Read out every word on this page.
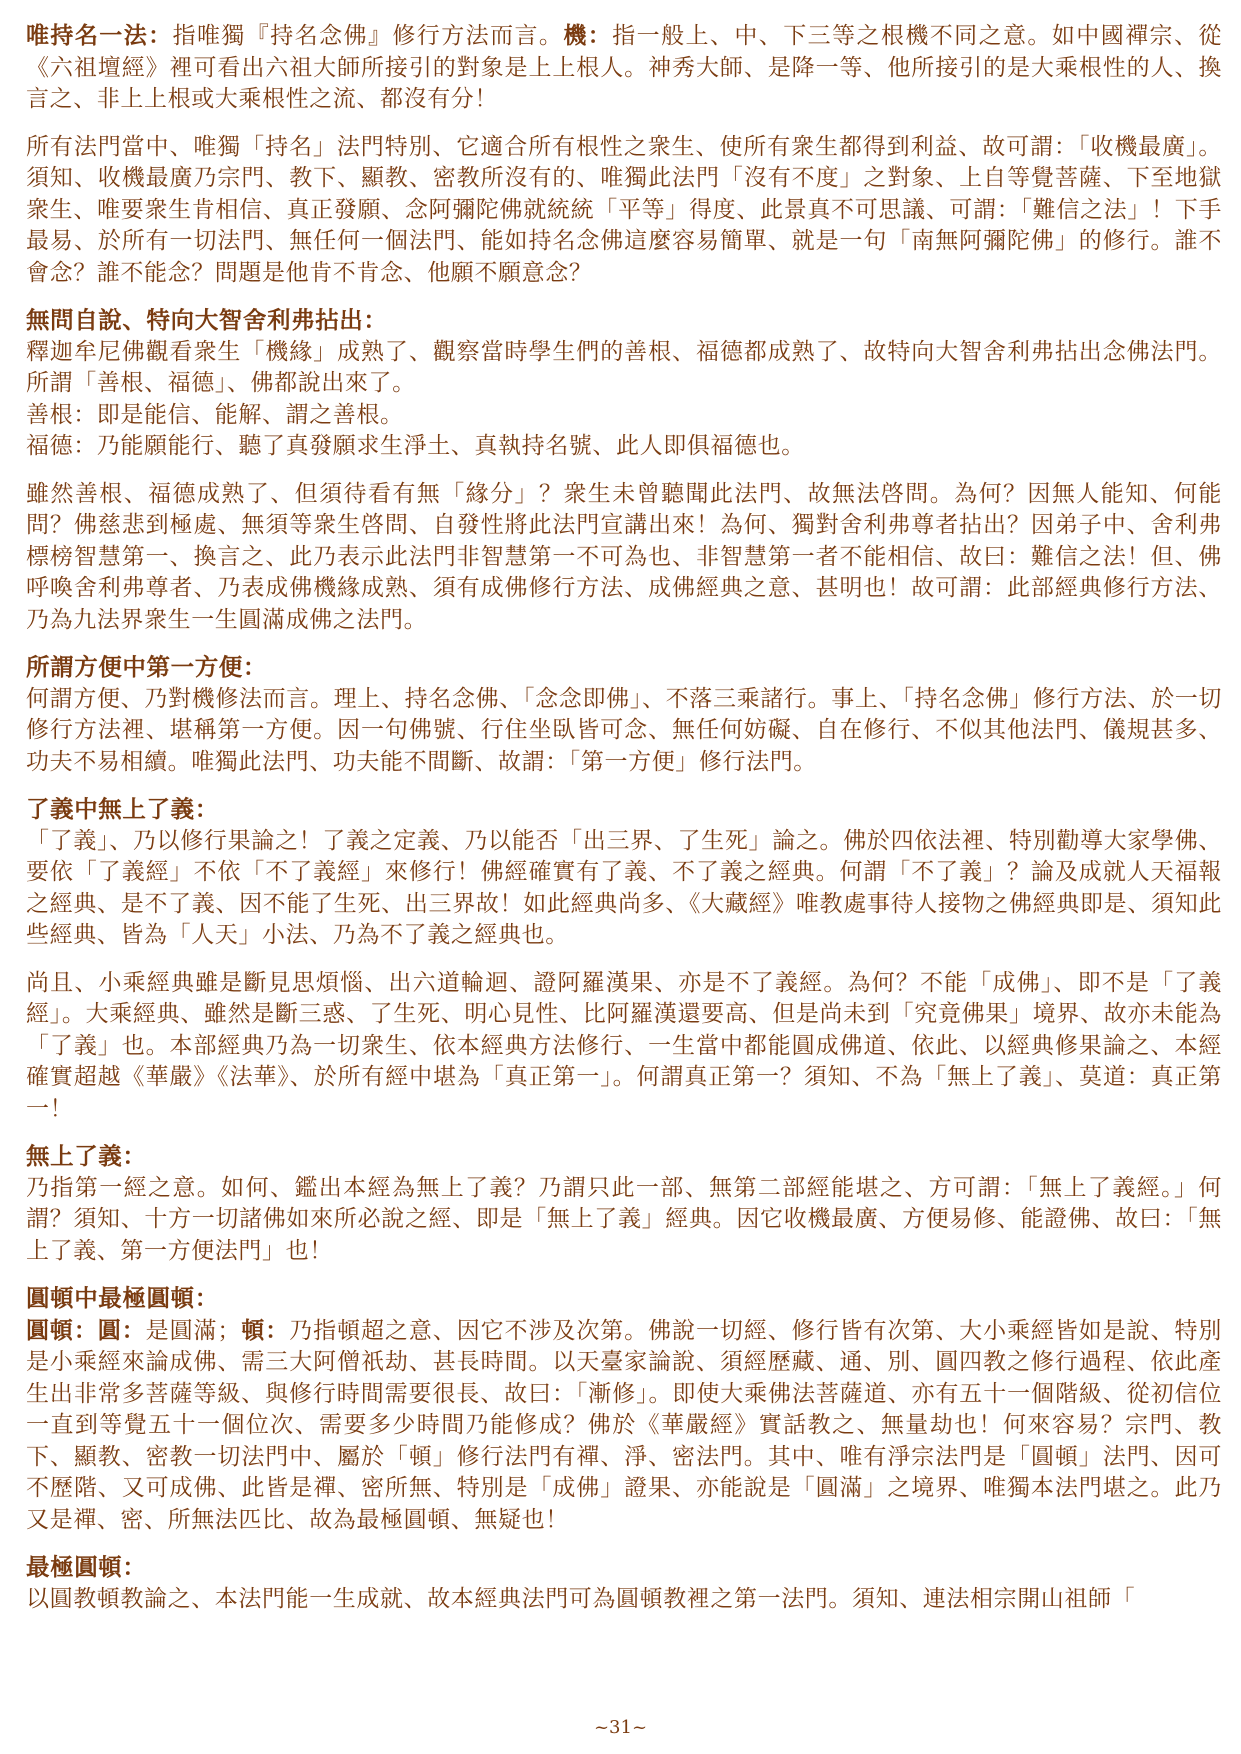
唯持名一法：指唯獨『持名念佛』修行方法而言。機：指一般上、中、下三等之根機不同之意。如中國禪宗、從《六祖壇經》裡可看出六祖大師所接引的對象是上上根人。神秀大師、是降一等、他所接引的是大乘根性的人、換言之、非上上根或大乘根性之流、都沒有分！

所有法門當中、唯獨「持名」法門特別、它適合所有根性之衆生、使所有衆生都得到利益、故可謂：「收機最廣」。須知、收機最廣乃宗門、教下、顯教、密教所沒有的、唯獨此法門「沒有不度」之對象、上自等覺菩薩、下至地獄衆生、唯要衆生肯相信、真正發願、念阿彌陀佛就統統「平等」得度、此景真不可思議、可謂：「難信之法」！下手最易、於所有一切法門、無任何一個法門、能如持名念佛這麼容易簡單、就是一句「南無阿彌陀佛」的修行。誰不會念？誰不能念？問題是他肯不肯念、他願不願意念？

無問自說、特向大智舍利弗拈出：

釋迦牟尼佛觀看衆生「機緣」成熟了、觀察當時學生們的善根、福德都成熟了、故特向大智舍利弗拈出念佛法門。所謂「善根、福德」、佛都說出來了。

善根：即是能信、能解、謂之善根。

福德：乃能願能行、聽了真發願求生淨土、真執持名號、此人即俱福德也。

雖然善根、福德成熟了、但須待看有無「緣分」？衆生未曾聽聞此法門、故無法啓問。為何？因無人能知、何能問？佛慈悲到極處、無須等衆生啓問、自發性將此法門宣講出來！為何、獨對舍利弗尊者拈出？因弟子中、舍利弗標榜智慧第一、換言之、此乃表示此法門非智慧第一不可為也、非智慧第一者不能相信、故曰：難信之法！但、佛呼喚舍利弗尊者、乃表成佛機緣成熟、須有成佛修行方法、成佛經典之意、甚明也！故可謂：此部經典修行方法、乃為九法界衆生一生圓滿成佛之法門。

所謂方便中第一方便：

何謂方便、乃對機修法而言。理上、持名念佛、「念念即佛」、不落三乘諸行。事上、「持名念佛」修行方法、於一切修行方法裡、堪稱第一方便。因一句佛號、行住坐臥皆可念、無任何妨礙、自在修行、不似其他法門、儀規甚多、功夫不易相續。唯獨此法門、功夫能不間斷、故謂：「第一方便」修行法門。

了義中無上了義：

「了義」、乃以修行果論之！了義之定義、乃以能否「出三界、了生死」論之。佛於四依法裡、特別勸導大家學佛、要依「了義經」不依「不了義經」來修行！佛經確實有了義、不了義之經典。何謂「不了義」？論及成就人天福報之經典、是不了義、因不能了生死、出三界故！如此經典尚多、《大藏經》唯教處事待人接物之佛經典即是、須知此些經典、皆為「人天」小法、乃為不了義之經典也。

尚且、小乘經典雖是斷見思煩惱、出六道輪迴、證阿羅漢果、亦是不了義經。為何？不能「成佛」、即不是「了義經」。大乘經典、雖然是斷三惑、了生死、明心見性、比阿羅漢還要高、但是尚未到「究竟佛果」境界、故亦未能為「了義」也。本部經典乃為一切衆生、依本經典方法修行、一生當中都能圓成佛道、依此、以經典修果論之、本經確實超越《華嚴》《法華》、於所有經中堪為「真正第一」。何謂真正第一？須知、不為「無上了義」、莫道：真正第一！

無上了義：

乃指第一經之意。如何、鑑出本經為無上了義？乃謂只此一部、無第二部經能堪之、方可謂：「無上了義經。」何謂？須知、十方一切諸佛如來所必說之經、即是「無上了義」經典。因它收機最廣、方便易修、能證佛、故曰：「無上了義、第一方便法門」也！

圓頓中最極圓頓：

圓頓：圓：是圓滿；頓：乃指頓超之意、因它不涉及次第。佛說一切經、修行皆有次第、大小乘經皆如是說、特別是小乘經來論成佛、需三大阿僧祇劫、甚長時間。以天臺家論說、須經歷藏、通、別、圓四教之修行過程、依此產生出非常多菩薩等級、與修行時間需要很長、故曰：「漸修」。即使大乘佛法菩薩道、亦有五十一個階級、從初信位一直到等覺五十一個位次、需要多少時間乃能修成？佛於《華嚴經》實話教之、無量劫也！何來容易？宗門、教下、顯教、密教一切法門中、屬於「頓」修行法門有禪、淨、密法門。其中、唯有淨宗法門是「圓頓」法門、因可不歷階、又可成佛、此皆是禪、密所無、特別是「成佛」證果、亦能說是「圓滿」之境界、唯獨本法門堪之。此乃又是禪、密、所無法匹比、故為最極圓頓、無疑也！

最極圓頓：

以圓教頓教論之、本法門能一生成就、故本經典法門可為圓頓教裡之第一法門。須知、連法相宗開山祖師「

~31~
